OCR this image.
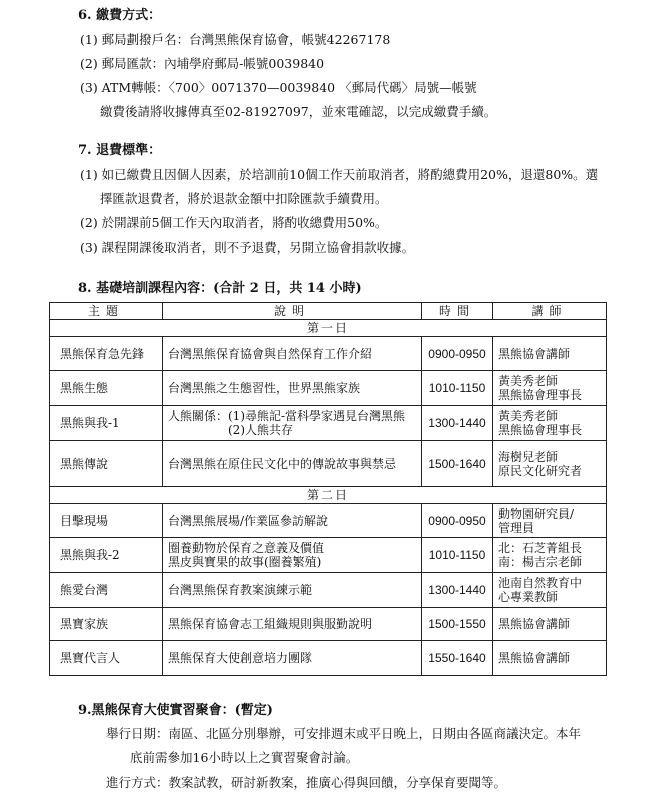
6. 繳費方式：
(1) 郵局劃撥戶名：台灣黑熊保育協會，帳號42267178
(2) 郵局匯款：內埔學府郵局-帳號0039840
(3) ATM轉帳：〈700〉0071370—0039840 〈郵局代碼〉局號—帳號
繳費後請將收據傳真至02-81927097，並來電確認，以完成繳費手續。
7. 退費標準：
(1) 如已繳費且因個人因素，於培訓前10個工作天前取消者，將酌總費用20%，退還80%。選
擇匯款退費者，將於退款金額中扣除匯款手續費用。
(2) 於開課前5個工作天內取消者，將酌收總費用50%。
(3) 課程開課後取消者，則不予退費，另開立協會捐款收據。
8. 基礎培訓課程內容：(合計 2 日，共 14 小時)
主題	說明	時間	講師
第一日			
黑熊保育急先鋒	台灣黑熊保育協會與自然保育工作介紹	0900-0950	黑熊協會講師

黑熊生態	台灣黑熊之生態習性，世界黑熊家族	1010-1150	黃美秀老師
黑熊協會理事長

黑熊與我-1	人熊關係：(1)尋熊記-當科學家遇見台灣黑熊
　　　　　(2)人熊共存	1300-1440	黃美秀老師
黑熊協會理事長

黑熊傳說	台灣黑熊在原住民文化中的傳說故事與禁忌	1500-1640	海樹兒老師
原民文化研究者

第二日			
目擊現場	台灣黑熊展場/作業區參訪解說	0900-0950	動物園研究員/
管理員

黑熊與我-2	圈養動物於保育之意義及價值
黑皮與寶果的故事(圈養繁殖)	1010-1150	北：石芝菁組長
南：楊吉宗老師

熊愛台灣	台灣黑熊保育教案演練示範	1300-1440	池南自然教育中
心專業教師

黑寶家族	黑熊保育協會志工組織規則與服勤說明	1500-1550	黑熊協會講師

黑寶代言人	黑熊保育大使創意培力團隊	1550-1640	黑熊協會講師
9.黑熊保育大使實習聚會：(暫定)
舉行日期：南區、北區分別舉辦，可安排週末或平日晚上，日期由各區商議決定。本年
底前需參加16小時以上之實習聚會討論。
進行方式：教案試教，研討新教案，推廣心得與回饋，分享保育要聞等。
